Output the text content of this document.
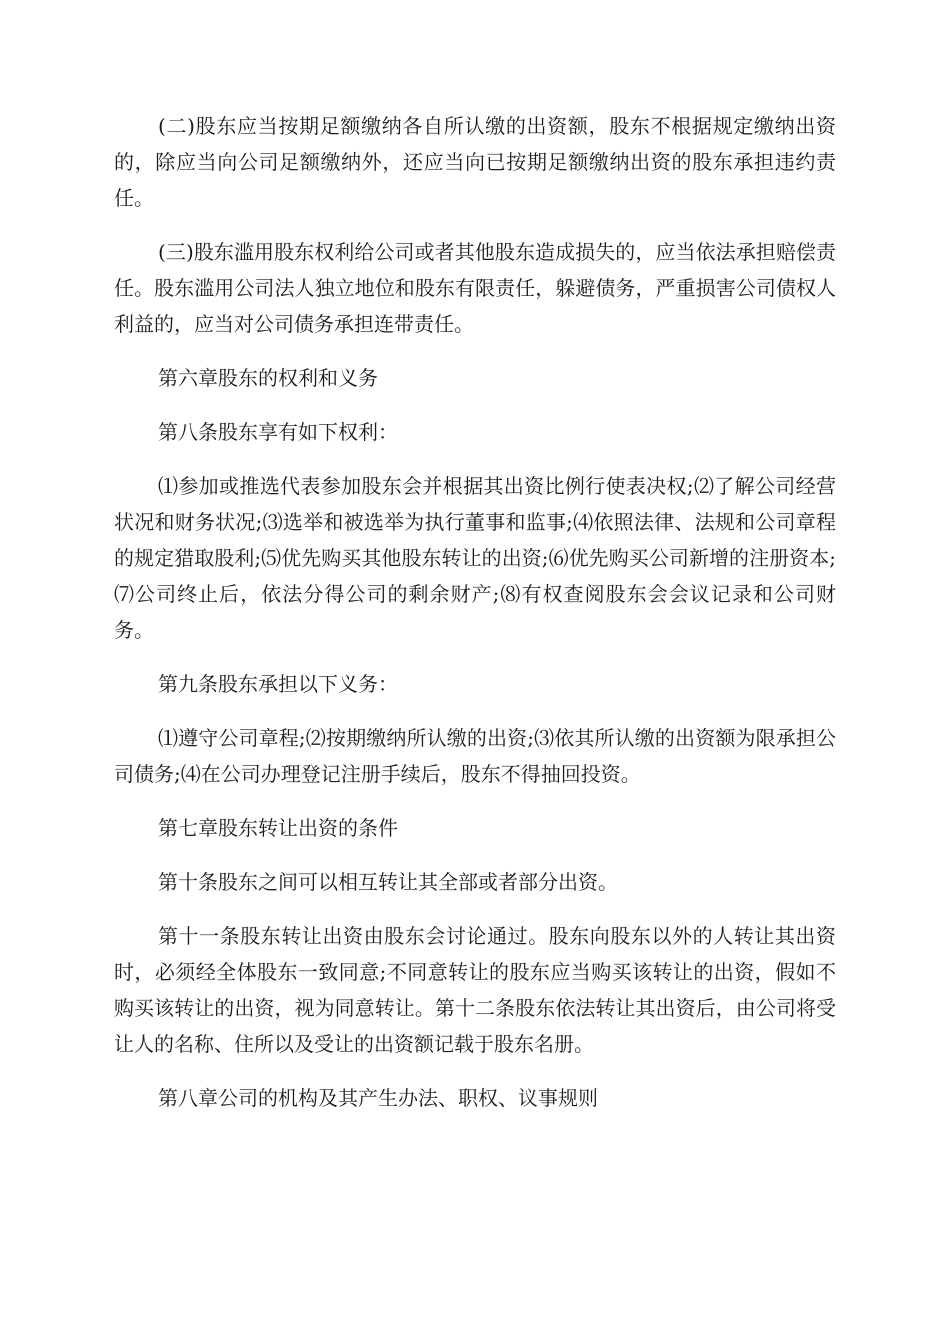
(二)股东应当按期足额缴纳各自所认缴的出资额，股东不根据规定缴纳出资的，除应当向公司足额缴纳外，还应当向已按期足额缴纳出资的股东承担违约责任。

(三)股东滥用股东权利给公司或者其他股东造成损失的，应当依法承担赔偿责任。股东滥用公司法人独立地位和股东有限责任，躲避债务，严重损害公司债权人利益的，应当对公司债务承担连带责任。

第六章股东的权利和义务

第八条股东享有如下权利：

⑴参加或推选代表参加股东会并根据其出资比例行使表决权;⑵了解公司经营状况和财务状况;⑶选举和被选举为执行董事和监事;⑷依照法律、法规和公司章程的规定猎取股利;⑸优先购买其他股东转让的出资;⑹优先购买公司新增的注册资本;⑺公司终止后，依法分得公司的剩余财产;⑻有权查阅股东会会议记录和公司财务。

第九条股东承担以下义务：

⑴遵守公司章程;⑵按期缴纳所认缴的出资;⑶依其所认缴的出资额为限承担公司债务;⑷在公司办理登记注册手续后，股东不得抽回投资。

第七章股东转让出资的条件

第十条股东之间可以相互转让其全部或者部分出资。

第十一条股东转让出资由股东会讨论通过。股东向股东以外的人转让其出资时，必须经全体股东一致同意;不同意转让的股东应当购买该转让的出资，假如不购买该转让的出资，视为同意转让。第十二条股东依法转让其出资后，由公司将受让人的名称、住所以及受让的出资额记载于股东名册。

第八章公司的机构及其产生办法、职权、议事规则
